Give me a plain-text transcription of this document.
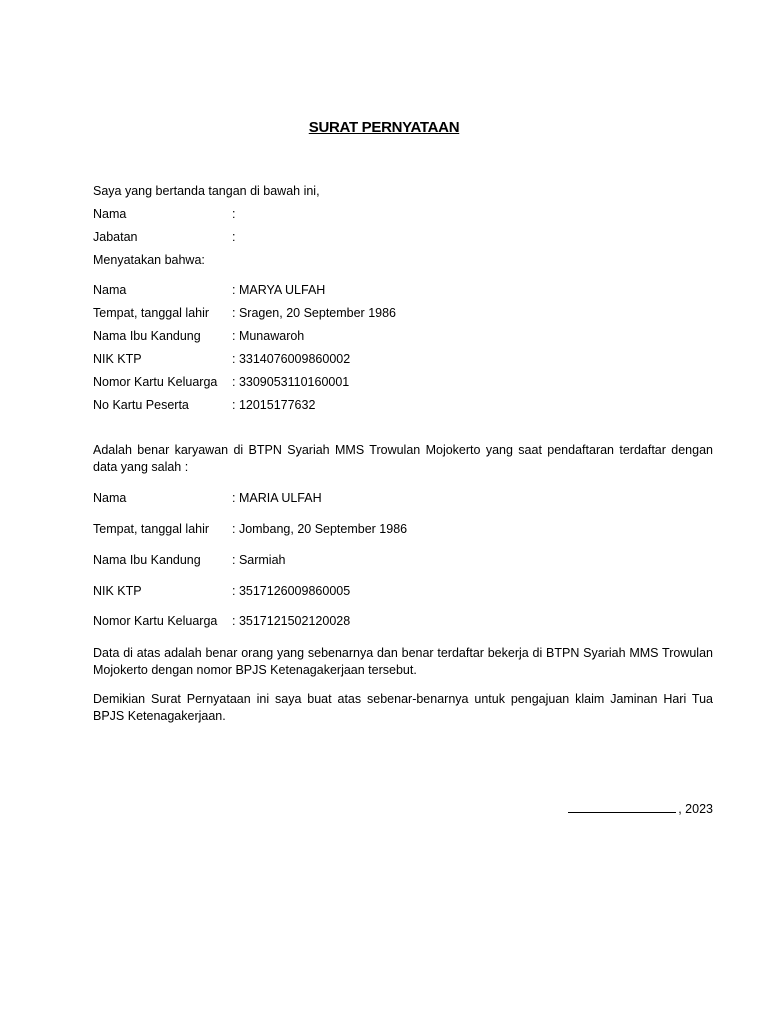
SURAT PERNYATAAN
Saya yang bertanda tangan di bawah ini,
Nama	:
Jabatan	:
Menyatakan bahwa:
Nama	: MARYA ULFAH
Tempat, tanggal lahir : Sragen, 20 September 1986
Nama Ibu Kandung	: Munawaroh
NIK KTP	: 3314076009860002
Nomor Kartu Keluarga : 3309053110160001
No Kartu Peserta	: 12015177632
Adalah benar karyawan di BTPN Syariah MMS Trowulan Mojokerto yang saat pendaftaran terdaftar dengan data yang salah :
Nama	: MARIA ULFAH
Tempat, tanggal lahir : Jombang, 20 September 1986
Nama Ibu Kandung	: Sarmiah
NIK KTP	: 3517126009860005
Nomor Kartu Keluarga : 3517121502120028
Data di atas adalah benar orang yang sebenarnya dan benar terdaftar bekerja di BTPN Syariah MMS Trowulan Mojokerto dengan nomor BPJS Ketenagakerjaan tersebut.
Demikian Surat Pernyataan ini saya buat atas sebenar-benarnya untuk pengajuan klaim Jaminan Hari Tua BPJS Ketenagakerjaan.
, 2023
